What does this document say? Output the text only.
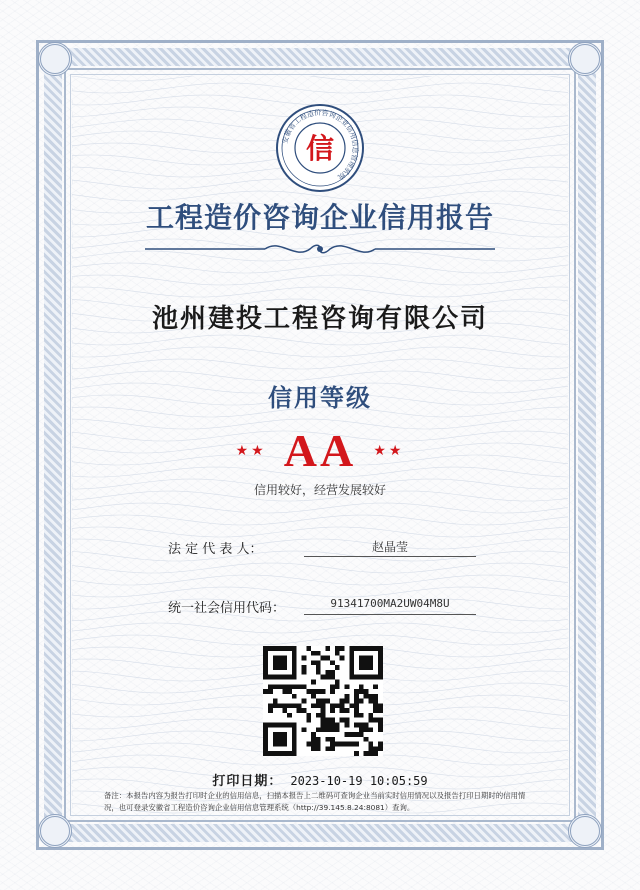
安徽省工程造价咨询企业信用信息管理系统
信
工程造价咨询企业信用报告
池州建投工程咨询有限公司
信用等级
★★ AA ★★
信用较好，经营发展较好
法 定 代 表 人：	赵晶莹
统一社会信用代码：	91341700MA2UW04M8U
打印日期： 2023-10-19 10:05:59
备注：本报告内容为报告打印时企业的信用信息，扫描本报告上二维码可查询企业当前实时信用情况以及报告打印日期时的信用情况，也可登录安徽省工程造价咨询企业信用信息管理系统（http://39.145.8.24:8081）查询。
